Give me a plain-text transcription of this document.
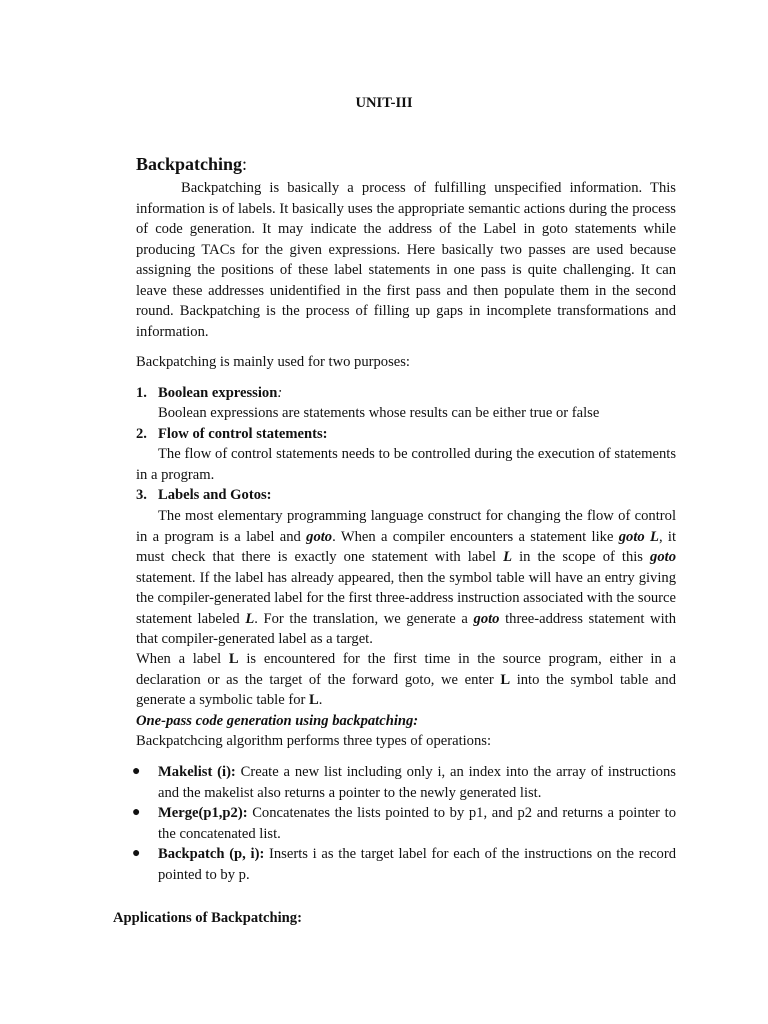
UNIT-III
Backpatching:
Backpatching is basically a process of fulfilling unspecified information. This information is of labels. It basically uses the appropriate semantic actions during the process of code generation. It may indicate the address of the Label in goto statements while producing TACs for the given expressions. Here basically two passes are used because assigning the positions of these label statements in one pass is quite challenging. It can leave these addresses unidentified in the first pass and then populate them in the second round. Backpatching is the process of filling up gaps in incomplete transformations and information.
Backpatching is mainly used for two purposes:
1. Boolean expression:
Boolean expressions are statements whose results can be either true or false
2. Flow of control statements:
The flow of control statements needs to be controlled during the execution of statements in a program.
3. Labels and Gotos:
The most elementary programming language construct for changing the flow of control in a program is a label and goto. When a compiler encounters a statement like goto L, it must check that there is exactly one statement with label L in the scope of this goto statement. If the label has already appeared, then the symbol table will have an entry giving the compiler-generated label for the first three-address instruction associated with the source statement labeled L. For the translation, we generate a goto three-address statement with that compiler-generated label as a target.
When a label L is encountered for the first time in the source program, either in a declaration or as the target of the forward goto, we enter L into the symbol table and generate a symbolic table for L.
One-pass code generation using backpatching:
Backpatchcing algorithm performs three types of operations:
● Makelist (i): Create a new list including only i, an index into the array of instructions and the makelist also returns a pointer to the newly generated list.
● Merge(p1,p2): Concatenates the lists pointed to by p1, and p2 and returns a pointer to the concatenated list.
● Backpatch (p, i): Inserts i as the target label for each of the instructions on the record pointed to by p.
Applications of Backpatching:
